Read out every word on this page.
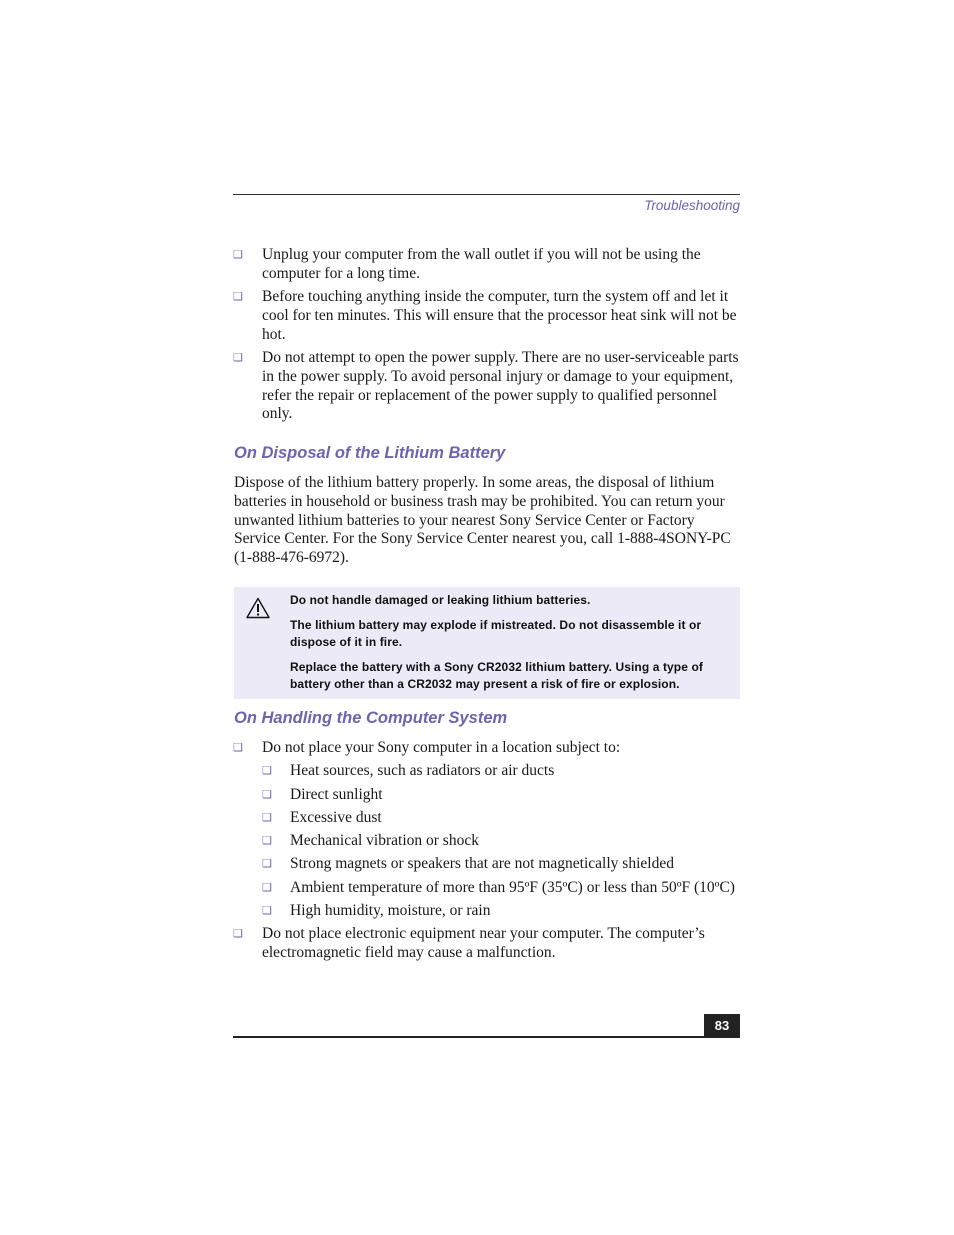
Troubleshooting
❑ Unplug your computer from the wall outlet if you will not be using the computer for a long time.
❑ Before touching anything inside the computer, turn the system off and let it cool for ten minutes. This will ensure that the processor heat sink will not be hot.
❑ Do not attempt to open the power supply. There are no user-serviceable parts in the power supply. To avoid personal injury or damage to your equipment, refer the repair or replacement of the power supply to qualified personnel only.
On Disposal of the Lithium Battery

Dispose of the lithium battery properly. In some areas, the disposal of lithium batteries in household or business trash may be prohibited. You can return your unwanted lithium batteries to your nearest Sony Service Center or Factory Service Center. For the Sony Service Center nearest you, call 1-888-4SONY-PC (1-888-476-6972).

Do not handle damaged or leaking lithium batteries.

The lithium battery may explode if mistreated. Do not disassemble it or dispose of it in fire.

Replace the battery with a Sony CR2032 lithium battery. Using a type of battery other than a CR2032 may present a risk of fire or explosion.

On Handling the Computer System
❑ Do not place your Sony computer in a location subject to:
❑ Heat sources, such as radiators or air ducts
❑ Direct sunlight
❑ Excessive dust
❑ Mechanical vibration or shock
❑ Strong magnets or speakers that are not magnetically shielded
❑ Ambient temperature of more than 95ºF (35ºC) or less than 50ºF (10ºC)
❑ High humidity, moisture, or rain
❑ Do not place electronic equipment near your computer. The computer’s electromagnetic field may cause a malfunction.
83
